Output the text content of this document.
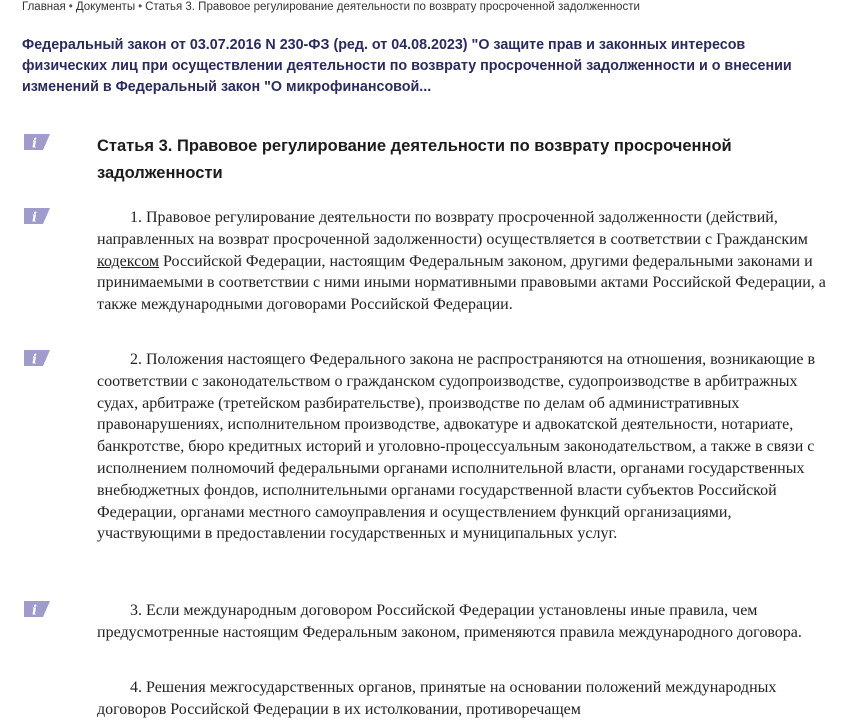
Главная • Документы • Статья 3. Правовое регулирование деятельности по возврату просроченной задолженности
Федеральный закон от 03.07.2016 N 230-ФЗ (ред. от 04.08.2023) "О защите прав и законных интересов физических лиц при осуществлении деятельности по возврату просроченной задолженности и о внесении изменений в Федеральный закон "О микрофинансовой...
i
i
i
i
Статья 3. Правовое регулирование деятельности по возврату просроченной задолженности

1. Правовое регулирование деятельности по возврату просроченной задолженности (действий, направленных на возврат просроченной задолженности) осуществляется в соответствии с Гражданским кодексом Российской Федерации, настоящим Федеральным законом, другими федеральными законами и принимаемыми в соответствии с ними иными нормативными правовыми актами Российской Федерации, а также международными договорами Российской Федерации.

2. Положения настоящего Федерального закона не распространяются на отношения, возникающие в соответствии с законодательством о гражданском судопроизводстве, судопроизводстве в арбитражных судах, арбитраже (третейском разбирательстве), производстве по делам об административных правонарушениях, исполнительном производстве, адвокатуре и адвокатской деятельности, нотариате, банкротстве, бюро кредитных историй и уголовно-процессуальным законодательством, а также в связи с исполнением полномочий федеральными органами исполнительной власти, органами государственных внебюджетных фондов, исполнительными органами государственной власти субъектов Российской Федерации, органами местного самоуправления и осуществлением функций организациями, участвующими в предоставлении государственных и муниципальных услуг.

3. Если международным договором Российской Федерации установлены иные правила, чем предусмотренные настоящим Федеральным законом, применяются правила международного договора.

4. Решения межгосударственных органов, принятые на основании положений международных договоров Российской Федерации в их истолковании, противоречащем
